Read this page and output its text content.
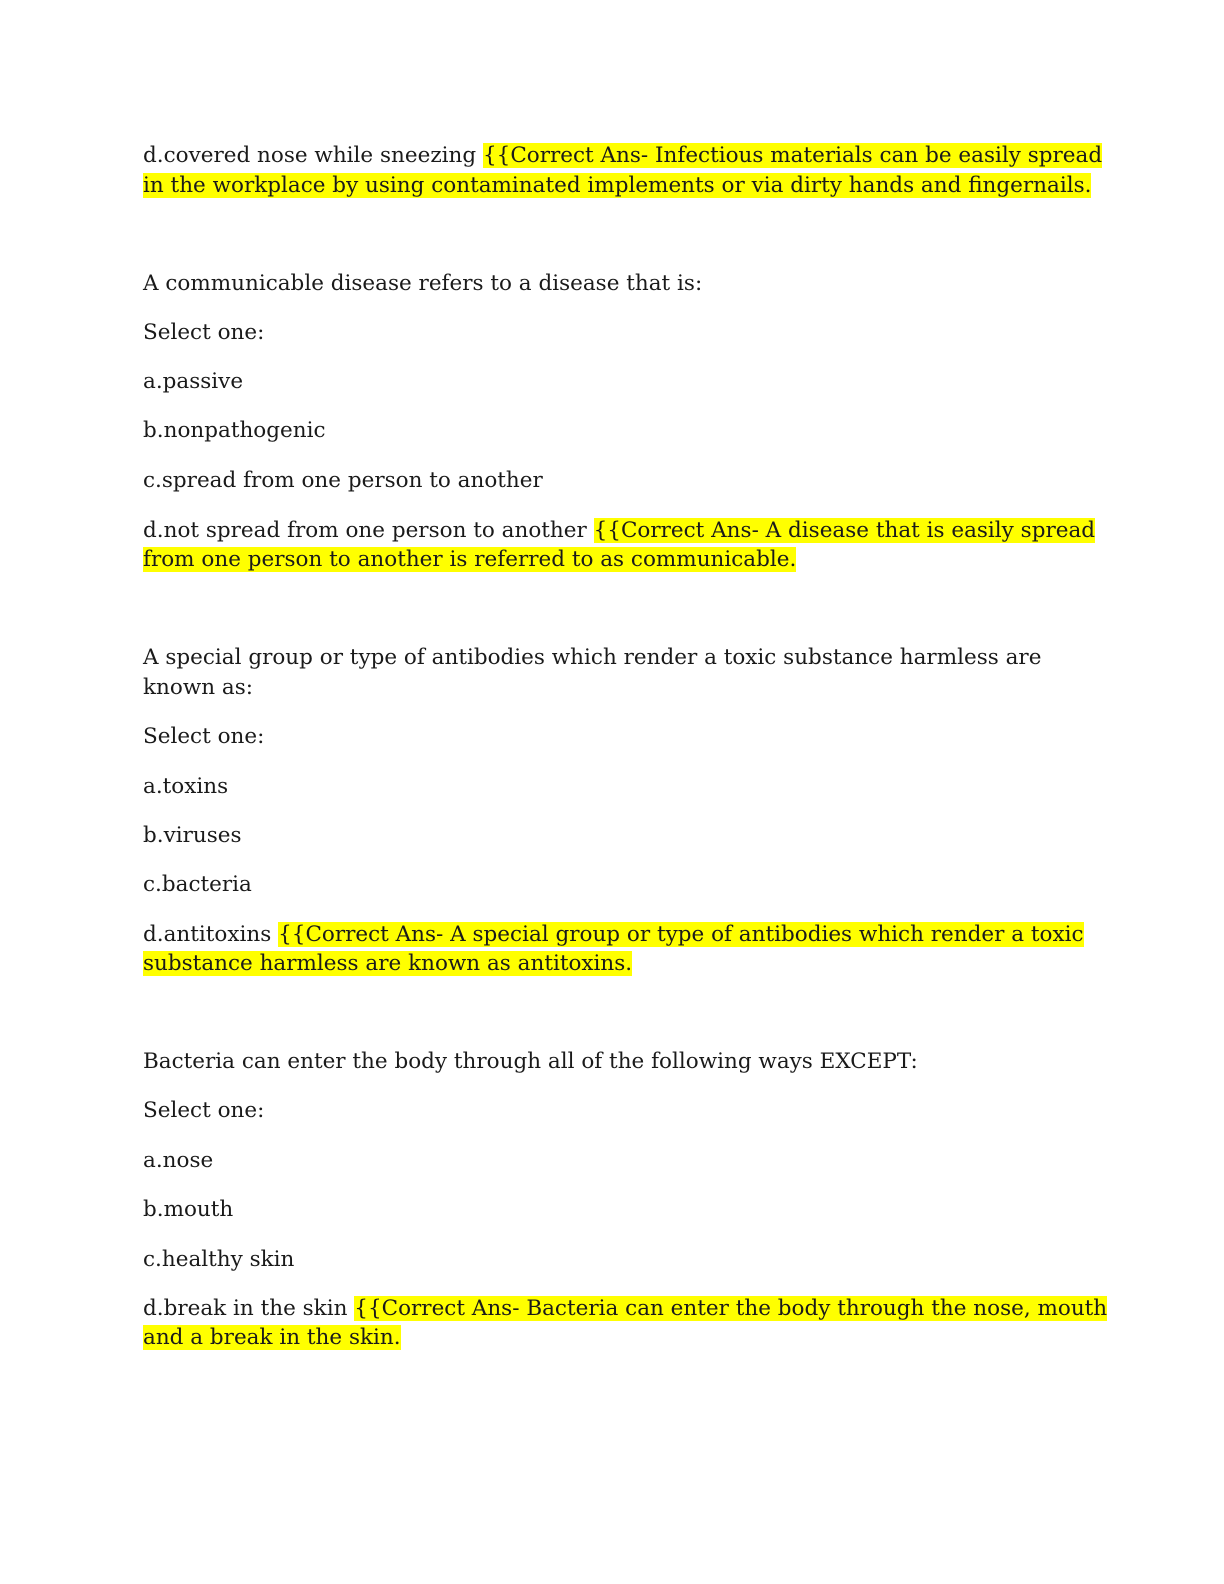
d.covered nose while sneezing {{Correct Ans- Infectious materials can be easily spread
in the workplace by using contaminated implements or via dirty hands and fingernails.
A communicable disease refers to a disease that is:
Select one:
a.passive
b.nonpathogenic
c.spread from one person to another
d.not spread from one person to another {{Correct Ans- A disease that is easily spread
from one person to another is referred to as communicable.
A special group or type of antibodies which render a toxic substance harmless are
known as:
Select one:
a.toxins
b.viruses
c.bacteria
d.antitoxins {{Correct Ans- A special group or type of antibodies which render a toxic
substance harmless are known as antitoxins.
Bacteria can enter the body through all of the following ways EXCEPT:
Select one:
a.nose
b.mouth
c.healthy skin
d.break in the skin {{Correct Ans- Bacteria can enter the body through the nose, mouth
and a break in the skin.
